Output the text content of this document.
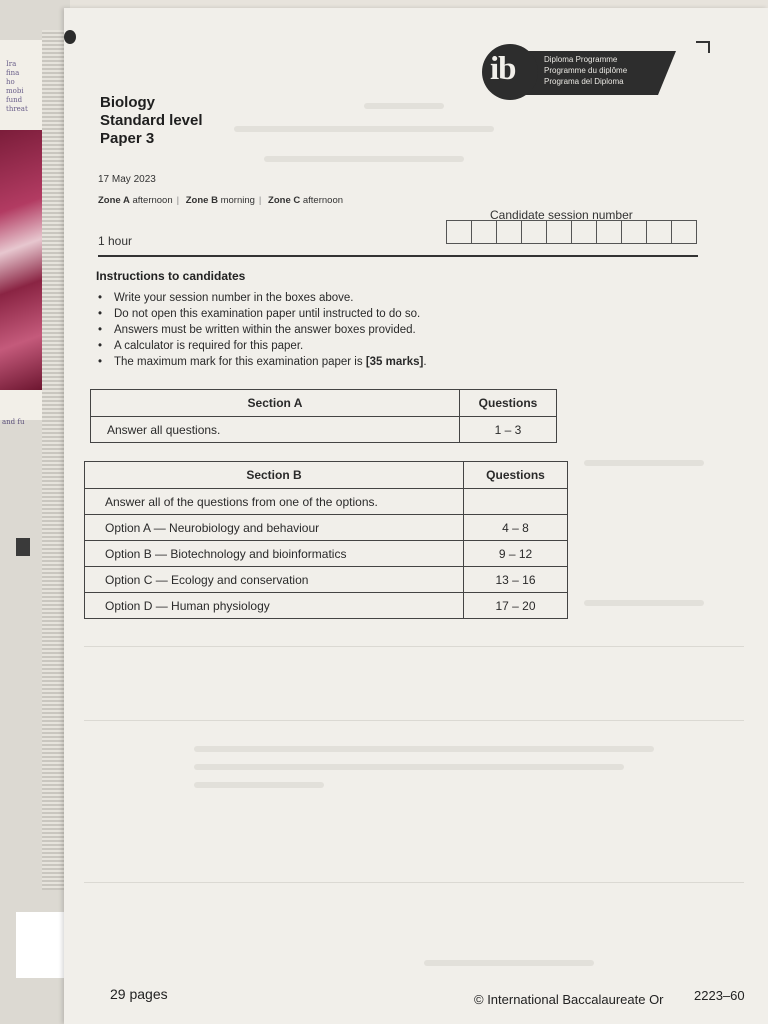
Ira
fina
ho
mobi
fund
threat
and fu
ib	Diploma Programme
Programme du diplôme
Programa del Diploma
Biology
Standard level
Paper 3
17 May 2023
Zone A afternoon | Zone B morning | Zone C afternoon
1 hour
Candidate session number
Instructions to candidates
• Write your session number in the boxes above.
• Do not open this examination paper until instructed to do so.
• Answers must be written within the answer boxes provided.
• A calculator is required for this paper.
• The maximum mark for this examination paper is [35 marks].
Section A	Questions
Answer all questions.	1 – 3
Section B	Questions
Answer all of the questions from one of the options.	
Option A — Neurobiology and behaviour	4 – 8
Option B — Biotechnology and bioinformatics	9 – 12
Option C — Ecology and conservation	13 – 16
Option D — Human physiology	17 – 20
29 pages	© International Baccalaureate Or 2223–60
